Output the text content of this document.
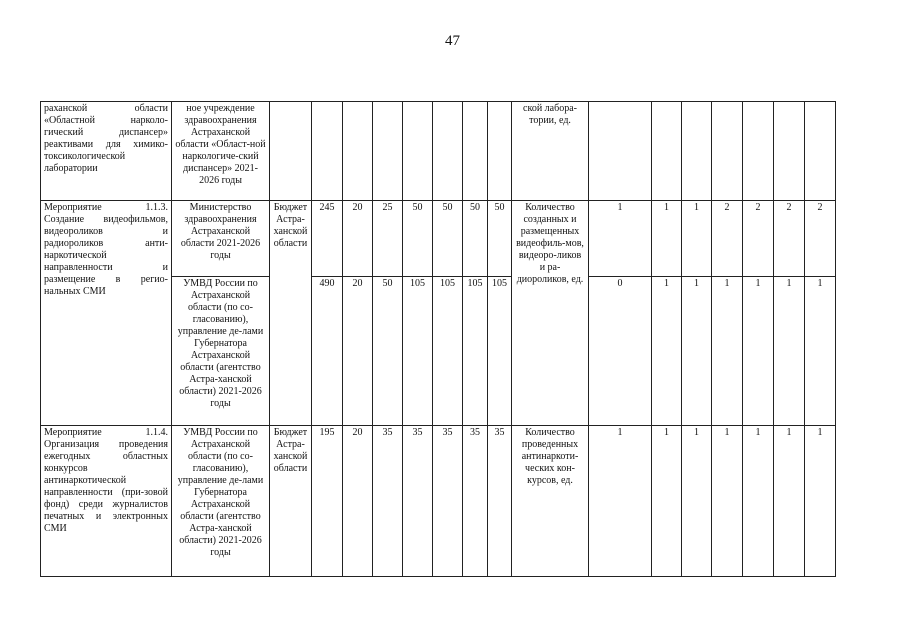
47
раханской области «Областной нарколо-гический диспансер» реактивами для химико-токсикологической лаборатории	ное учреждение здравоохранения Астраханской области «Област-ной наркологиче-ский диспансер» 2021-2026 годы									ской лабора-тории, ед.							
Мероприятие 1.1.3. Создание видеофильмов, видеороликов и радиороликов анти-наркотической направленности и размещение в регио-нальных СМИ	Министерство здравоохранения Астраханской области 2021-2026 годы	Бюджет Астра-ханской области	245	20	25	50	50	50	50	Количество созданных и размещенных видеофиль-мов, видеоро-ликов и ра-диороликов, ед.	1	1	1	2	2	2	2
	УМВД России по Астраханской области (по со-гласованию), управление де-лами Губернатора Астраханской области (агентство Астра-ханской области) 2021-2026 годы		490	20	50	105	105	105	105		0	1	1	1	1	1	1
Мероприятие 1.1.4. Организация проведения ежегодных областных конкурсов антинаркотической направленности (при-зовой фонд) среди журналистов печатных и электронных СМИ	УМВД России по Астраханской области (по со-гласованию), управление де-лами Губернатора Астраханской области (агентство Астра-ханской области) 2021-2026 годы	Бюджет Астра-ханской области	195	20	35	35	35	35	35	Количество проведенных антинаркоти-ческих кон-курсов, ед.	1	1	1	1	1	1	1
